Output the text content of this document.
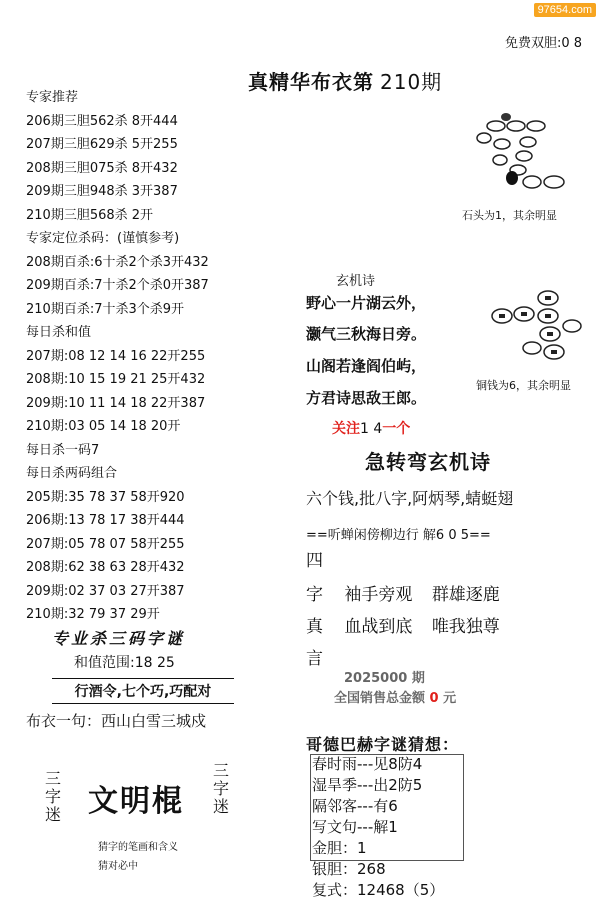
97654.com
免费双胆:0 8
真精华布衣第 210期
专家推荐
206期三胆562杀 8开444
207期三胆629杀 5开255
208期三胆075杀 8开432
209期三胆948杀 3开387
210期三胆568杀 2开
专家定位杀码：(谨慎参考)
208期百杀:6十杀2个杀3开432
209期百杀:7十杀2个杀0开387
210期百杀:7十杀3个杀9开
每日杀和值
207期:08 12 14 16 22开255
208期:10 15 19 21 25开432
209期:10 11 14 18 22开387
210期:03 05 14 18 20开
每日杀一码7
每日杀两码组合
205期:35 78 37 58开920
206期:13 78 17 38开444
207期:05 78 07 58开255
208期:62 38 63 28开432
209期:02 37 03 27开387
210期:32 79 37 29开
专业杀三码字谜
和值范围:18 25
行酒令,七个巧,巧配对
布衣一句：西山白雪三城戍
三字迷 文明棍
三字迷
猜字的笔画和含义
猜对必中
石头为1，其余明显
铜钱为6，其余明显
玄机诗
野心一片湖云外，
灏气三秋海日旁。
山阁若逢阎伯屿，
方君诗思敌王郎。
关注1 4一个
急转弯玄机诗
六个钱,批八字,阿炳琴,蜻蜓翅
==听蝉闲傍柳边行 解6 0 5==
四
字 袖手旁观 群雄逐鹿
真 血战到底 唯我独尊
言
2025000 期
全国销售总金额 0 元
哥德巴赫字谜猜想：
春时雨---见8防4
湿旱季---出2防5
隔邻客---有6
写文句---解1
金胆：1
银胆：268
复式：12468（5）
